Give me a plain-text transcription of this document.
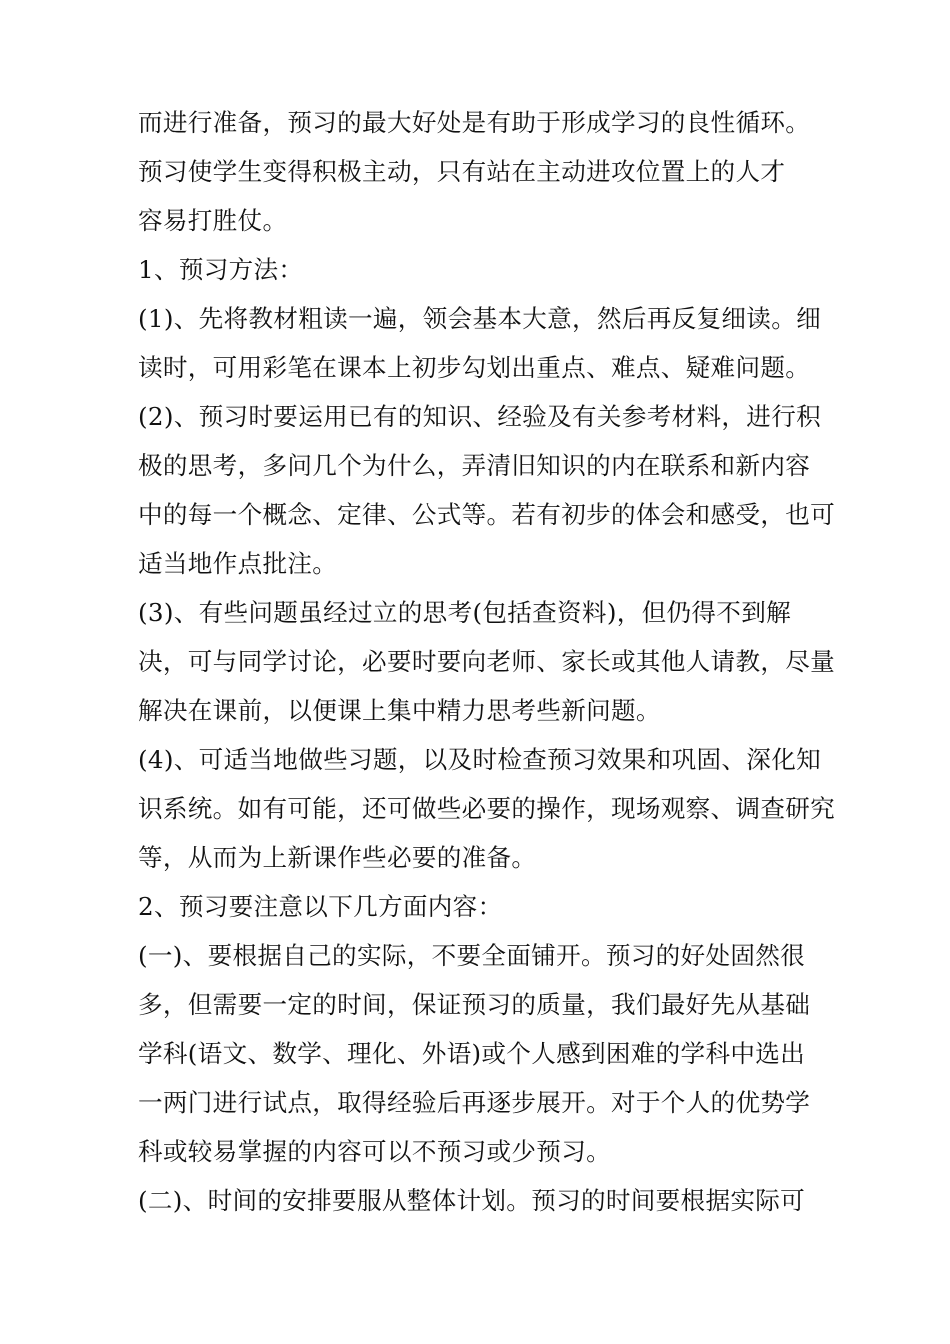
而进行准备，预习的最大好处是有助于形成学习的良性循环。
预习使学生变得积极主动，只有站在主动进攻位置上的人才
容易打胜仗。
1、预习方法：
(1)、先将教材粗读一遍，领会基本大意，然后再反复细读。细
读时，可用彩笔在课本上初步勾划出重点、难点、疑难问题。
(2)、预习时要运用已有的知识、经验及有关参考材料，进行积
极的思考，多问几个为什么，弄清旧知识的内在联系和新内容
中的每一个概念、定律、公式等。若有初步的体会和感受，也可
适当地作点批注。
(3)、有些问题虽经过立的思考(包括查资料)，但仍得不到解
决，可与同学讨论，必要时要向老师、家长或其他人请教，尽量
解决在课前，以便课上集中精力思考些新问题。
(4)、可适当地做些习题，以及时检查预习效果和巩固、深化知
识系统。如有可能，还可做些必要的操作，现场观察、调查研究
等，从而为上新课作些必要的准备。
2、预习要注意以下几方面内容：
(一)、要根据自己的实际，不要全面铺开。预习的好处固然很
多，但需要一定的时间，保证预习的质量，我们最好先从基础
学科(语文、数学、理化、外语)或个人感到困难的学科中选出
一两门进行试点，取得经验后再逐步展开。对于个人的优势学
科或较易掌握的内容可以不预习或少预习。
(二)、时间的安排要服从整体计划。预习的时间要根据实际可
